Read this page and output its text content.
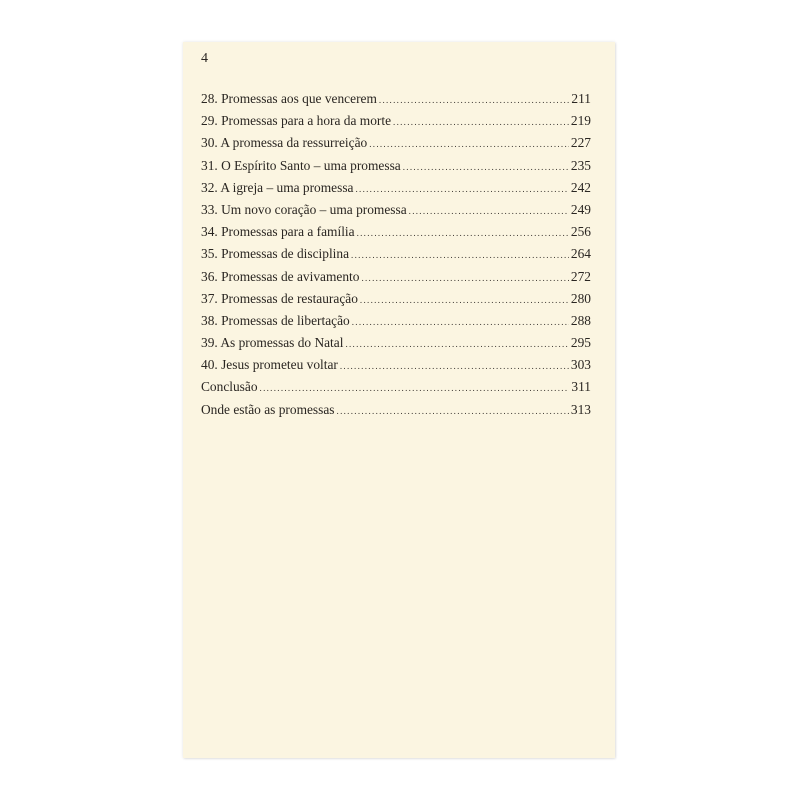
4
28. Promessas aos que vencerem .....	211
29. Promessas para a hora da morte .....	219
30. A promessa da ressurreição .....	227
31. O Espírito Santo – uma promessa .....	235
32. A igreja – uma promessa .....	242
33. Um novo coração – uma promessa .....	249
34. Promessas para a família .....	256
35. Promessas de disciplina .....	264
36. Promessas de avivamento .....	272
37. Promessas de restauração .....	280
38. Promessas de libertação .....	288
39. As promessas do Natal .....	295
40. Jesus prometeu voltar .....	303
Conclusão .....	311
Onde estão as promessas .....	313
